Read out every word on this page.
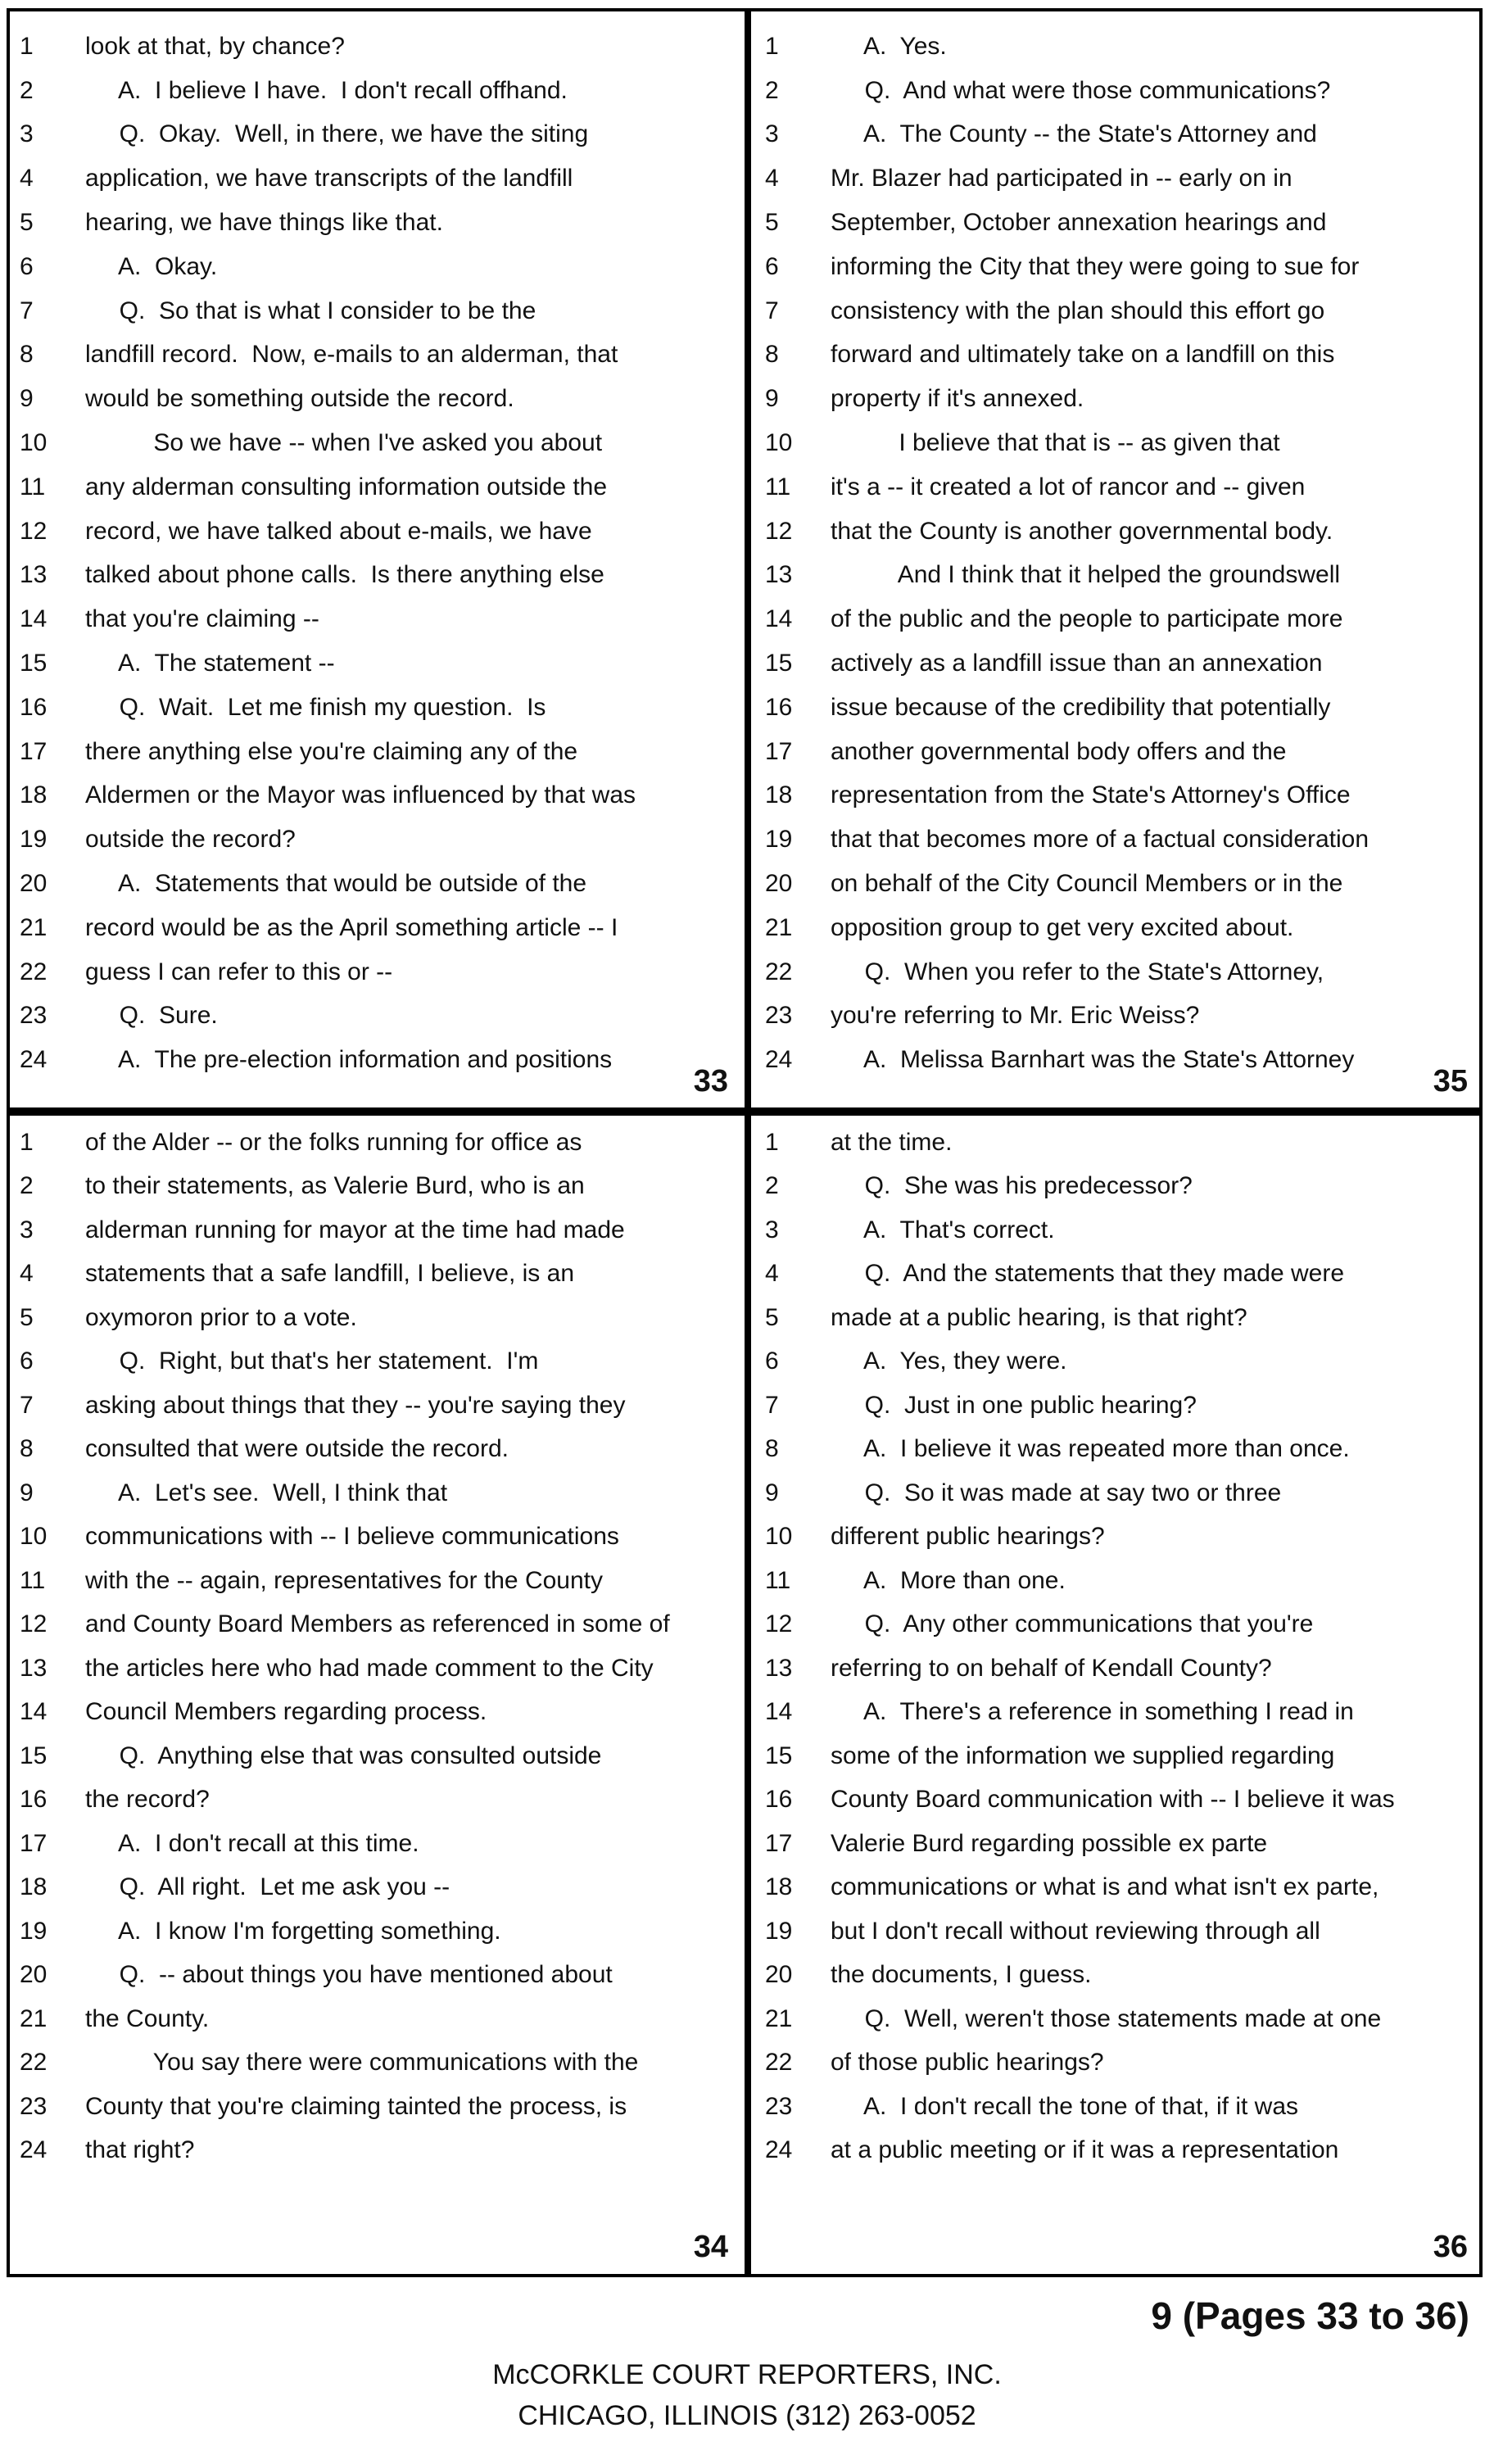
1	look at that, by chance?
2	A.  I believe I have.  I don't recall offhand.
3	Q.  Okay.  Well, in there, we have the siting
4	application, we have transcripts of the landfill
5	hearing, we have things like that.
6	A.  Okay.
7	Q.  So that is what I consider to be the
8	landfill record.  Now, e-mails to an alderman, that
9	would be something outside the record.
10	So we have -- when I've asked you about
11	any alderman consulting information outside the
12	record, we have talked about e-mails, we have
13	talked about phone calls.  Is there anything else
14	that you're claiming --
15	A.  The statement --
16	Q.  Wait.  Let me finish my question.  Is
17	there anything else you're claiming any of the
18	Aldermen or the Mayor was influenced by that was
19	outside the record?
20	A.  Statements that would be outside of the
21	record would be as the April something article -- I
22	guess I can refer to this or --
23	Q.  Sure.
24	A.  The pre-election information and positions
33
1	A.  Yes.
2	Q.  And what were those communications?
3	A.  The County -- the State's Attorney and
4	Mr. Blazer had participated in -- early on in
5	September, October annexation hearings and
6	informing the City that they were going to sue for
7	consistency with the plan should this effort go
8	forward and ultimately take on a landfill on this
9	property if it's annexed.
10	I believe that that is -- as given that
11	it's a -- it created a lot of rancor and -- given
12	that the County is another governmental body.
13	And I think that it helped the groundswell
14	of the public and the people to participate more
15	actively as a landfill issue than an annexation
16	issue because of the credibility that potentially
17	another governmental body offers and the
18	representation from the State's Attorney's Office
19	that that becomes more of a factual consideration
20	on behalf of the City Council Members or in the
21	opposition group to get very excited about.
22	Q.  When you refer to the State's Attorney,
23	you're referring to Mr. Eric Weiss?
24	A.  Melissa Barnhart was the State's Attorney
35
1	of the Alder -- or the folks running for office as
2	to their statements, as Valerie Burd, who is an
3	alderman running for mayor at the time had made
4	statements that a safe landfill, I believe, is an
5	oxymoron prior to a vote.
6	Q.  Right, but that's her statement.  I'm
7	asking about things that they -- you're saying they
8	consulted that were outside the record.
9	A.  Let's see.  Well, I think that
10	communications with -- I believe communications
11	with the -- again, representatives for the County
12	and County Board Members as referenced in some of
13	the articles here who had made comment to the City
14	Council Members regarding process.
15	Q.  Anything else that was consulted outside
16	the record?
17	A.  I don't recall at this time.
18	Q.  All right.  Let me ask you --
19	A.  I know I'm forgetting something.
20	Q.  -- about things you have mentioned about
21	the County.
22	You say there were communications with the
23	County that you're claiming tainted the process, is
24	that right?
34
1	at the time.
2	Q.  She was his predecessor?
3	A.  That's correct.
4	Q.  And the statements that they made were
5	made at a public hearing, is that right?
6	A.  Yes, they were.
7	Q.  Just in one public hearing?
8	A.  I believe it was repeated more than once.
9	Q.  So it was made at say two or three
10	different public hearings?
11	A.  More than one.
12	Q.  Any other communications that you're
13	referring to on behalf of Kendall County?
14	A.  There's a reference in something I read in
15	some of the information we supplied regarding
16	County Board communication with -- I believe it was
17	Valerie Burd regarding possible ex parte
18	communications or what is and what isn't ex parte,
19	but I don't recall without reviewing through all
20	the documents, I guess.
21	Q.  Well, weren't those statements made at one
22	of those public hearings?
23	A.  I don't recall the tone of that, if it was
24	at a public meeting or if it was a representation
36
9 (Pages 33 to 36)
McCORKLE COURT REPORTERS, INC.
CHICAGO, ILLINOIS (312) 263-0052
